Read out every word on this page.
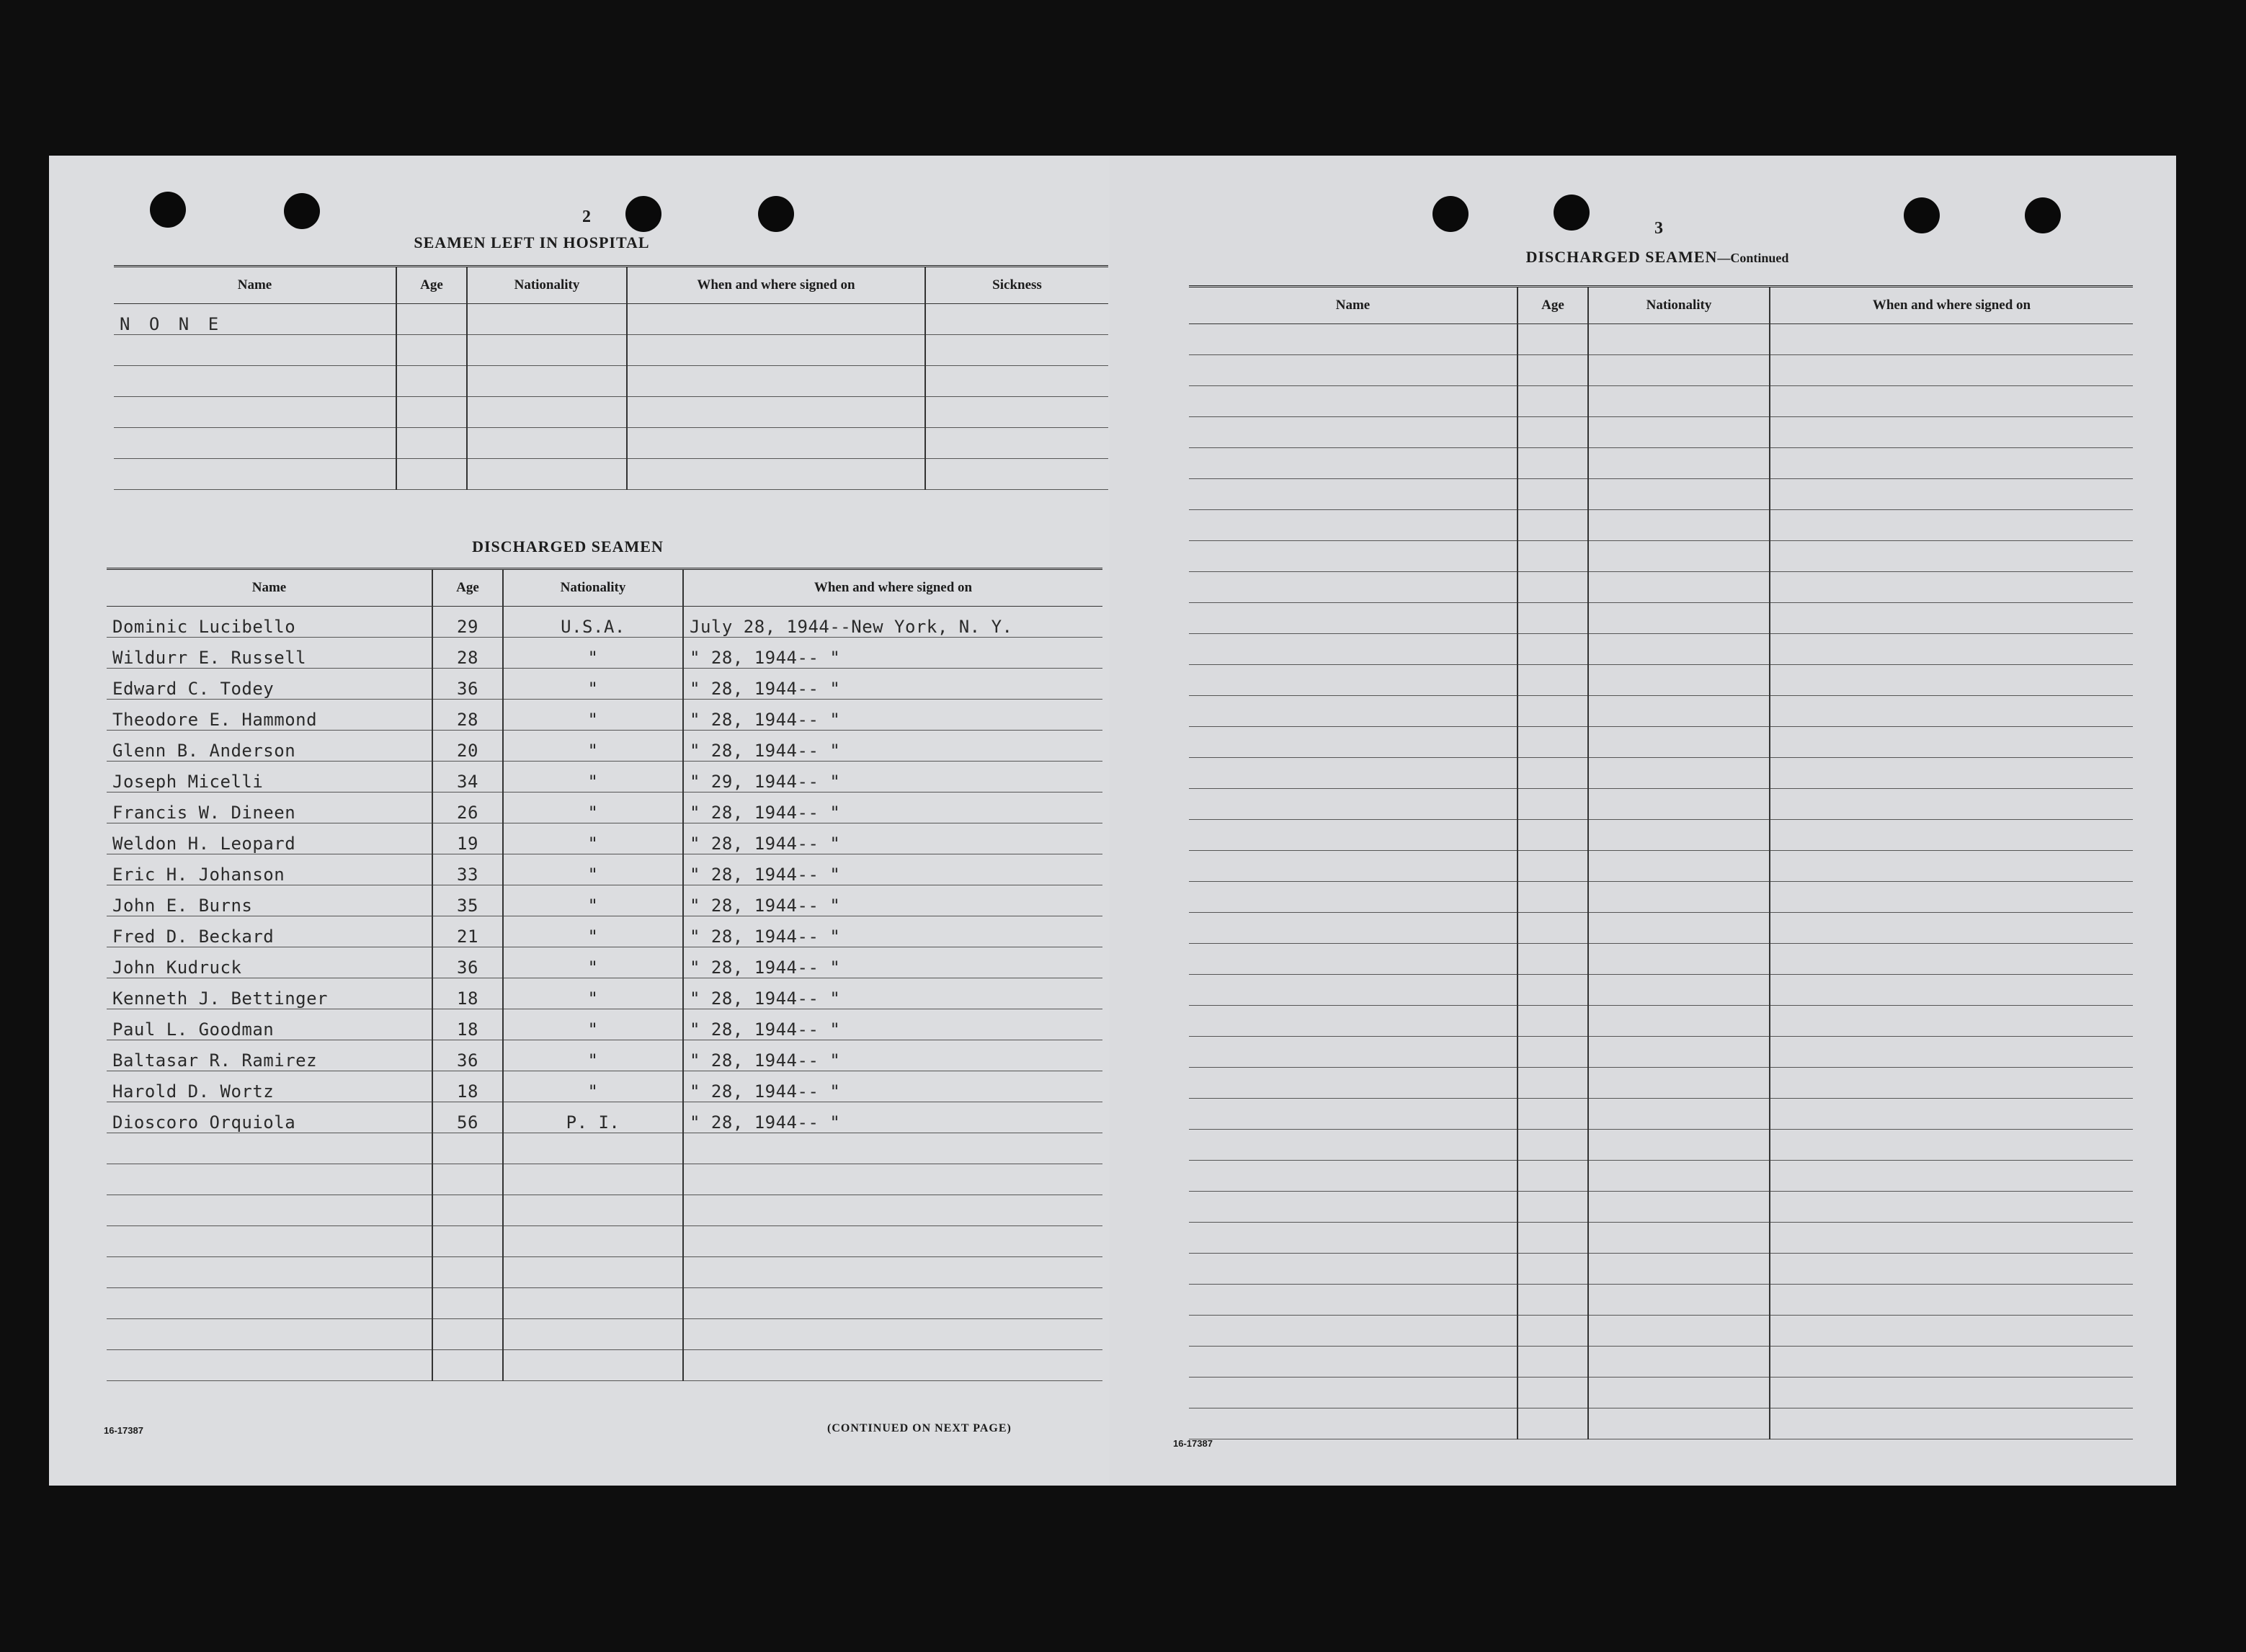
2
SEAMEN LEFT IN HOSPITAL
Name	Age	Nationality	When and where signed on	Sickness
N O N E				

DISCHARGED SEAMEN
Name	Age	Nationality	When and where signed on
Dominic Lucibello	29	U.S.A.	July 28, 1944--New York, N. Y.
Wildurr E. Russell	28	"	" 28, 1944-- "
Edward C. Todey	36	"	" 28, 1944-- "
Theodore E. Hammond	28	"	" 28, 1944-- "
Glenn B. Anderson	20	"	" 28, 1944-- "
Joseph Micelli	34	"	" 29, 1944-- "
Francis W. Dineen	26	"	" 28, 1944-- "
Weldon H. Leopard	19	"	" 28, 1944-- "
Eric H. Johanson	33	"	" 28, 1944-- "
John E. Burns	35	"	" 28, 1944-- "
Fred D. Beckard	21	"	" 28, 1944-- "
John Kudruck	36	"	" 28, 1944-- "
Kenneth J. Bettinger	18	"	" 28, 1944-- "
Paul L. Goodman	18	"	" 28, 1944-- "
Baltasar R. Ramirez	36	"	" 28, 1944-- "
Harold D. Wortz	18	"	" 28, 1944-- "
Dioscoro Orquiola	56	P. I.	" 28, 1944-- "

16-17387	(CONTINUED ON NEXT PAGE)
3
DISCHARGED SEAMEN—Continued
Name	Age	Nationality	When and where signed on

16-17387
